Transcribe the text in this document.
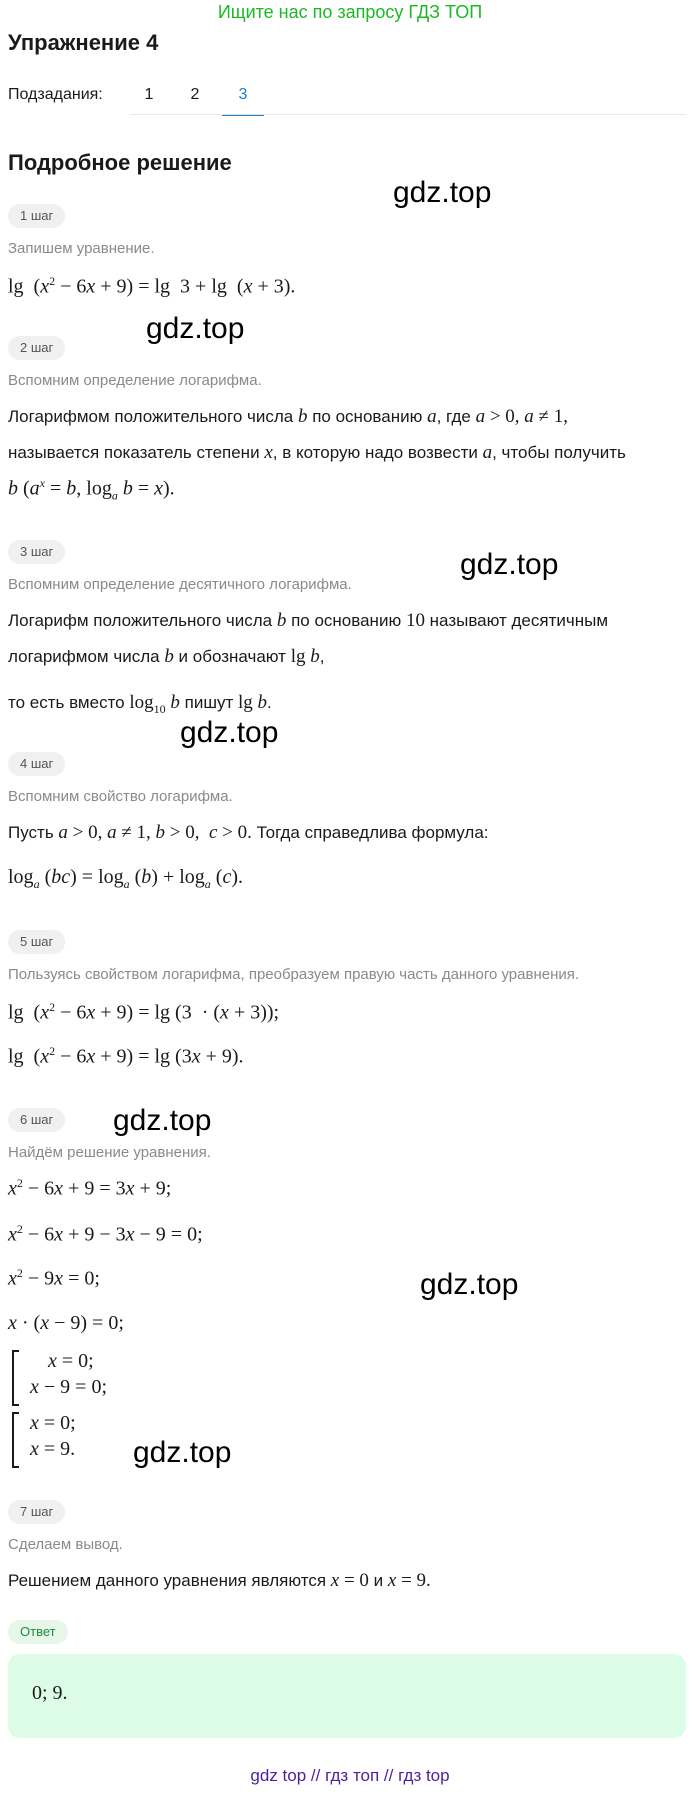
Ищите нас по запросу ГДЗ ТОП
Упражнение 4
Подзадания:	1	2	3
Подробное решение
gdz.top
gdz.top
gdz.top
gdz.top
gdz.top
gdz.top
gdz.top
1 шаг
Запишем уравнение.
$\lg (x^2 - 6x + 9) = \lg 3 + \lg (x + 3)$.
2 шаг
Вспомним определение логарифма.
Логарифмом положительного числа b по основанию a, где a > 0, a ≠ 1,
называется показатель степени x, в которую надо возвести a, чтобы получить
b ($a^x = b$, $\log_a b = x$).
3 шаг
Вспомним определение десятичного логарифма.
Логарифм положительного числа b по основанию 10 называют десятичным
логарифмом числа b и обозначают lg b,
то есть вместо $\log_{10} b$ пишут lg b.
4 шаг
Вспомним свойство логарифма.
Пусть a > 0, a ≠ 1, b > 0, c > 0. Тогда справедлива формула:
$\log_a (bc) = \log_a (b) + \log_a (c)$.
5 шаг
Пользуясь свойством логарифма, преобразуем правую часть данного уравнения.
$\lg (x^2 - 6x + 9) = \lg (3 \cdot (x + 3))$;
$\lg (x^2 - 6x + 9) = \lg (3x + 9)$.
6 шаг
Найдём решение уравнения.
$x^2 - 6x + 9 = 3x + 9$;
$x^2 - 6x + 9 - 3x - 9 = 0$;
$x^2 - 9x = 0$;
x · (x − 9) = 0;
x = 0;
x − 9 = 0;
x = 0;
x = 9.
7 шаг
Сделаем вывод.
Решением данного уравнения являются x = 0 и x = 9.
Ответ
0; 9.
gdz top // гдз топ // гдз top
